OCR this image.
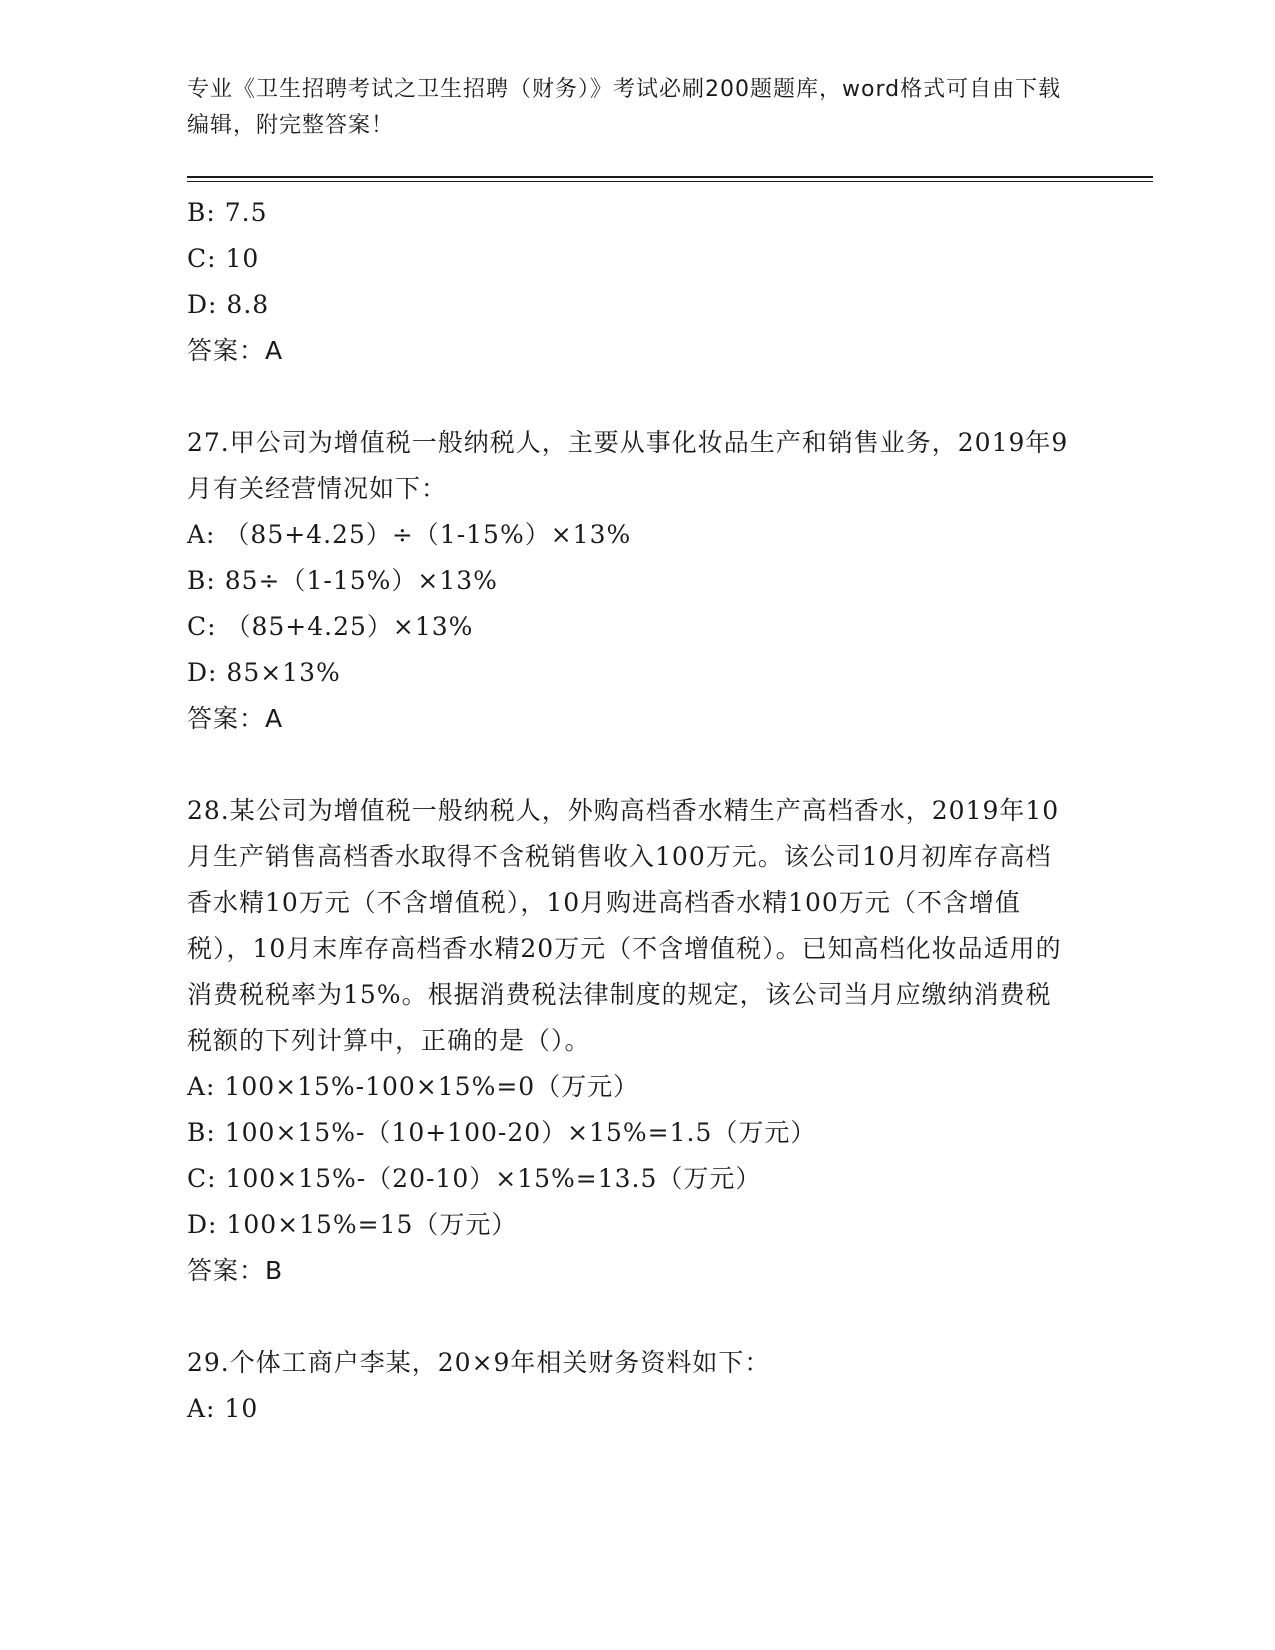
专业《卫生招聘考试之卫生招聘（财务）》考试必刷200题题库，word格式可自由下载编辑，附完整答案！

B: 7.5

C: 10

D: 8.8

答案：A

27.甲公司为增值税一般纳税人，主要从事化妆品生产和销售业务，2019年9月有关经营情况如下：

A: （85+4.25）÷（1-15%）×13%

B: 85÷（1-15%）×13%

C: （85+4.25）×13%

D: 85×13%

答案：A

28.某公司为增值税一般纳税人，外购高档香水精生产高档香水，2019年10月生产销售高档香水取得不含税销售收入100万元。该公司10月初库存高档香水精10万元（不含增值税），10月购进高档香水精100万元（不含增值税），10月末库存高档香水精20万元（不含增值税）。已知高档化妆品适用的消费税税率为15%。根据消费税法律制度的规定，该公司当月应缴纳消费税税额的下列计算中，正确的是（）。

A: 100×15%-100×15%=0（万元）

B: 100×15%-（10+100-20）×15%=1.5（万元）

C: 100×15%-（20-10）×15%=13.5（万元）

D: 100×15%=15（万元）

答案：B

29.个体工商户李某，20×9年相关财务资料如下：

A: 10
